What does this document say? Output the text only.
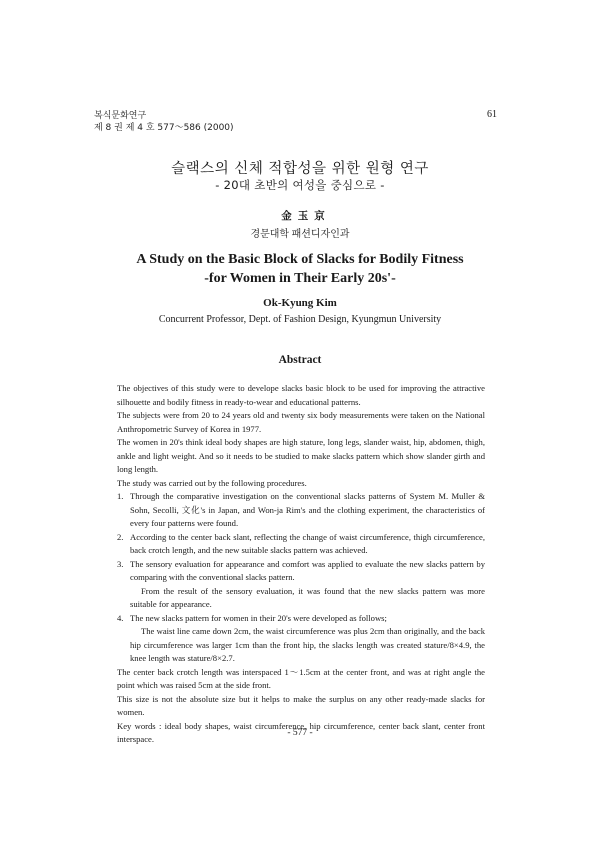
복식문화연구
제 8 권 제 4 호 577～586 (2000)
61
슬랙스의 신체 적합성을 위한 원형 연구
- 20대 초반의 여성을 중심으로 -
金玉京
경문대학 패션디자인과
A Study on the Basic Block of Slacks for Bodily Fitness
-for Women in Their Early 20s'-
Ok-Kyung Kim
Concurrent Professor, Dept. of Fashion Design, Kyungmun University
Abstract

The objectives of this study were to develope slacks basic block to be used for improving the attractive silhouette and bodily fitness in ready-to-wear and educational patterns.

The subjects were from 20 to 24 years old and twenty six body measurements were taken on the National Anthropometric Survey of Korea in 1977.

The women in 20's think ideal body shapes are high stature, long legs, slander waist, hip, abdomen, thigh, ankle and light weight. And so it needs to be studied to make slacks pattern which show slander girth and long length.

The study was carried out by the following procedures.

1. Through the comparative investigation on the conventional slacks patterns of System M. Muller & Sohn, Secolli, 文化's in Japan, and Won-ja Rim's and the clothing experiment, the characteristics of every four patterns were found.
2. According to the center back slant, reflecting the change of waist circumference, thigh circumference, back crotch length, and the new suitable slacks pattern was achieved.
3. The sensory evaluation for appearance and comfort was applied to evaluate the new slacks pattern by comparing with the conventional slacks pattern.

From the result of the sensory evaluation, it was found that the new slacks pattern was more suitable for appearance.

4. The new slacks pattern for women in their 20's were developed as follows;

The waist line came down 2cm, the waist circumference was plus 2cm than originally, and the back hip circumference was larger 1cm than the front hip, the slacks length was created stature/8×4.9, the knee length was stature/8×2.7.

The center back crotch length was interspaced 1～1.5cm at the center front, and was at right angle the point which was raised 5cm at the side front.

This size is not the absolute size but it helps to make the surplus on any other ready-made slacks for women.

Key words : ideal body shapes, waist circumference, hip circumference, center back slant, center front interspace.

- 577 -
